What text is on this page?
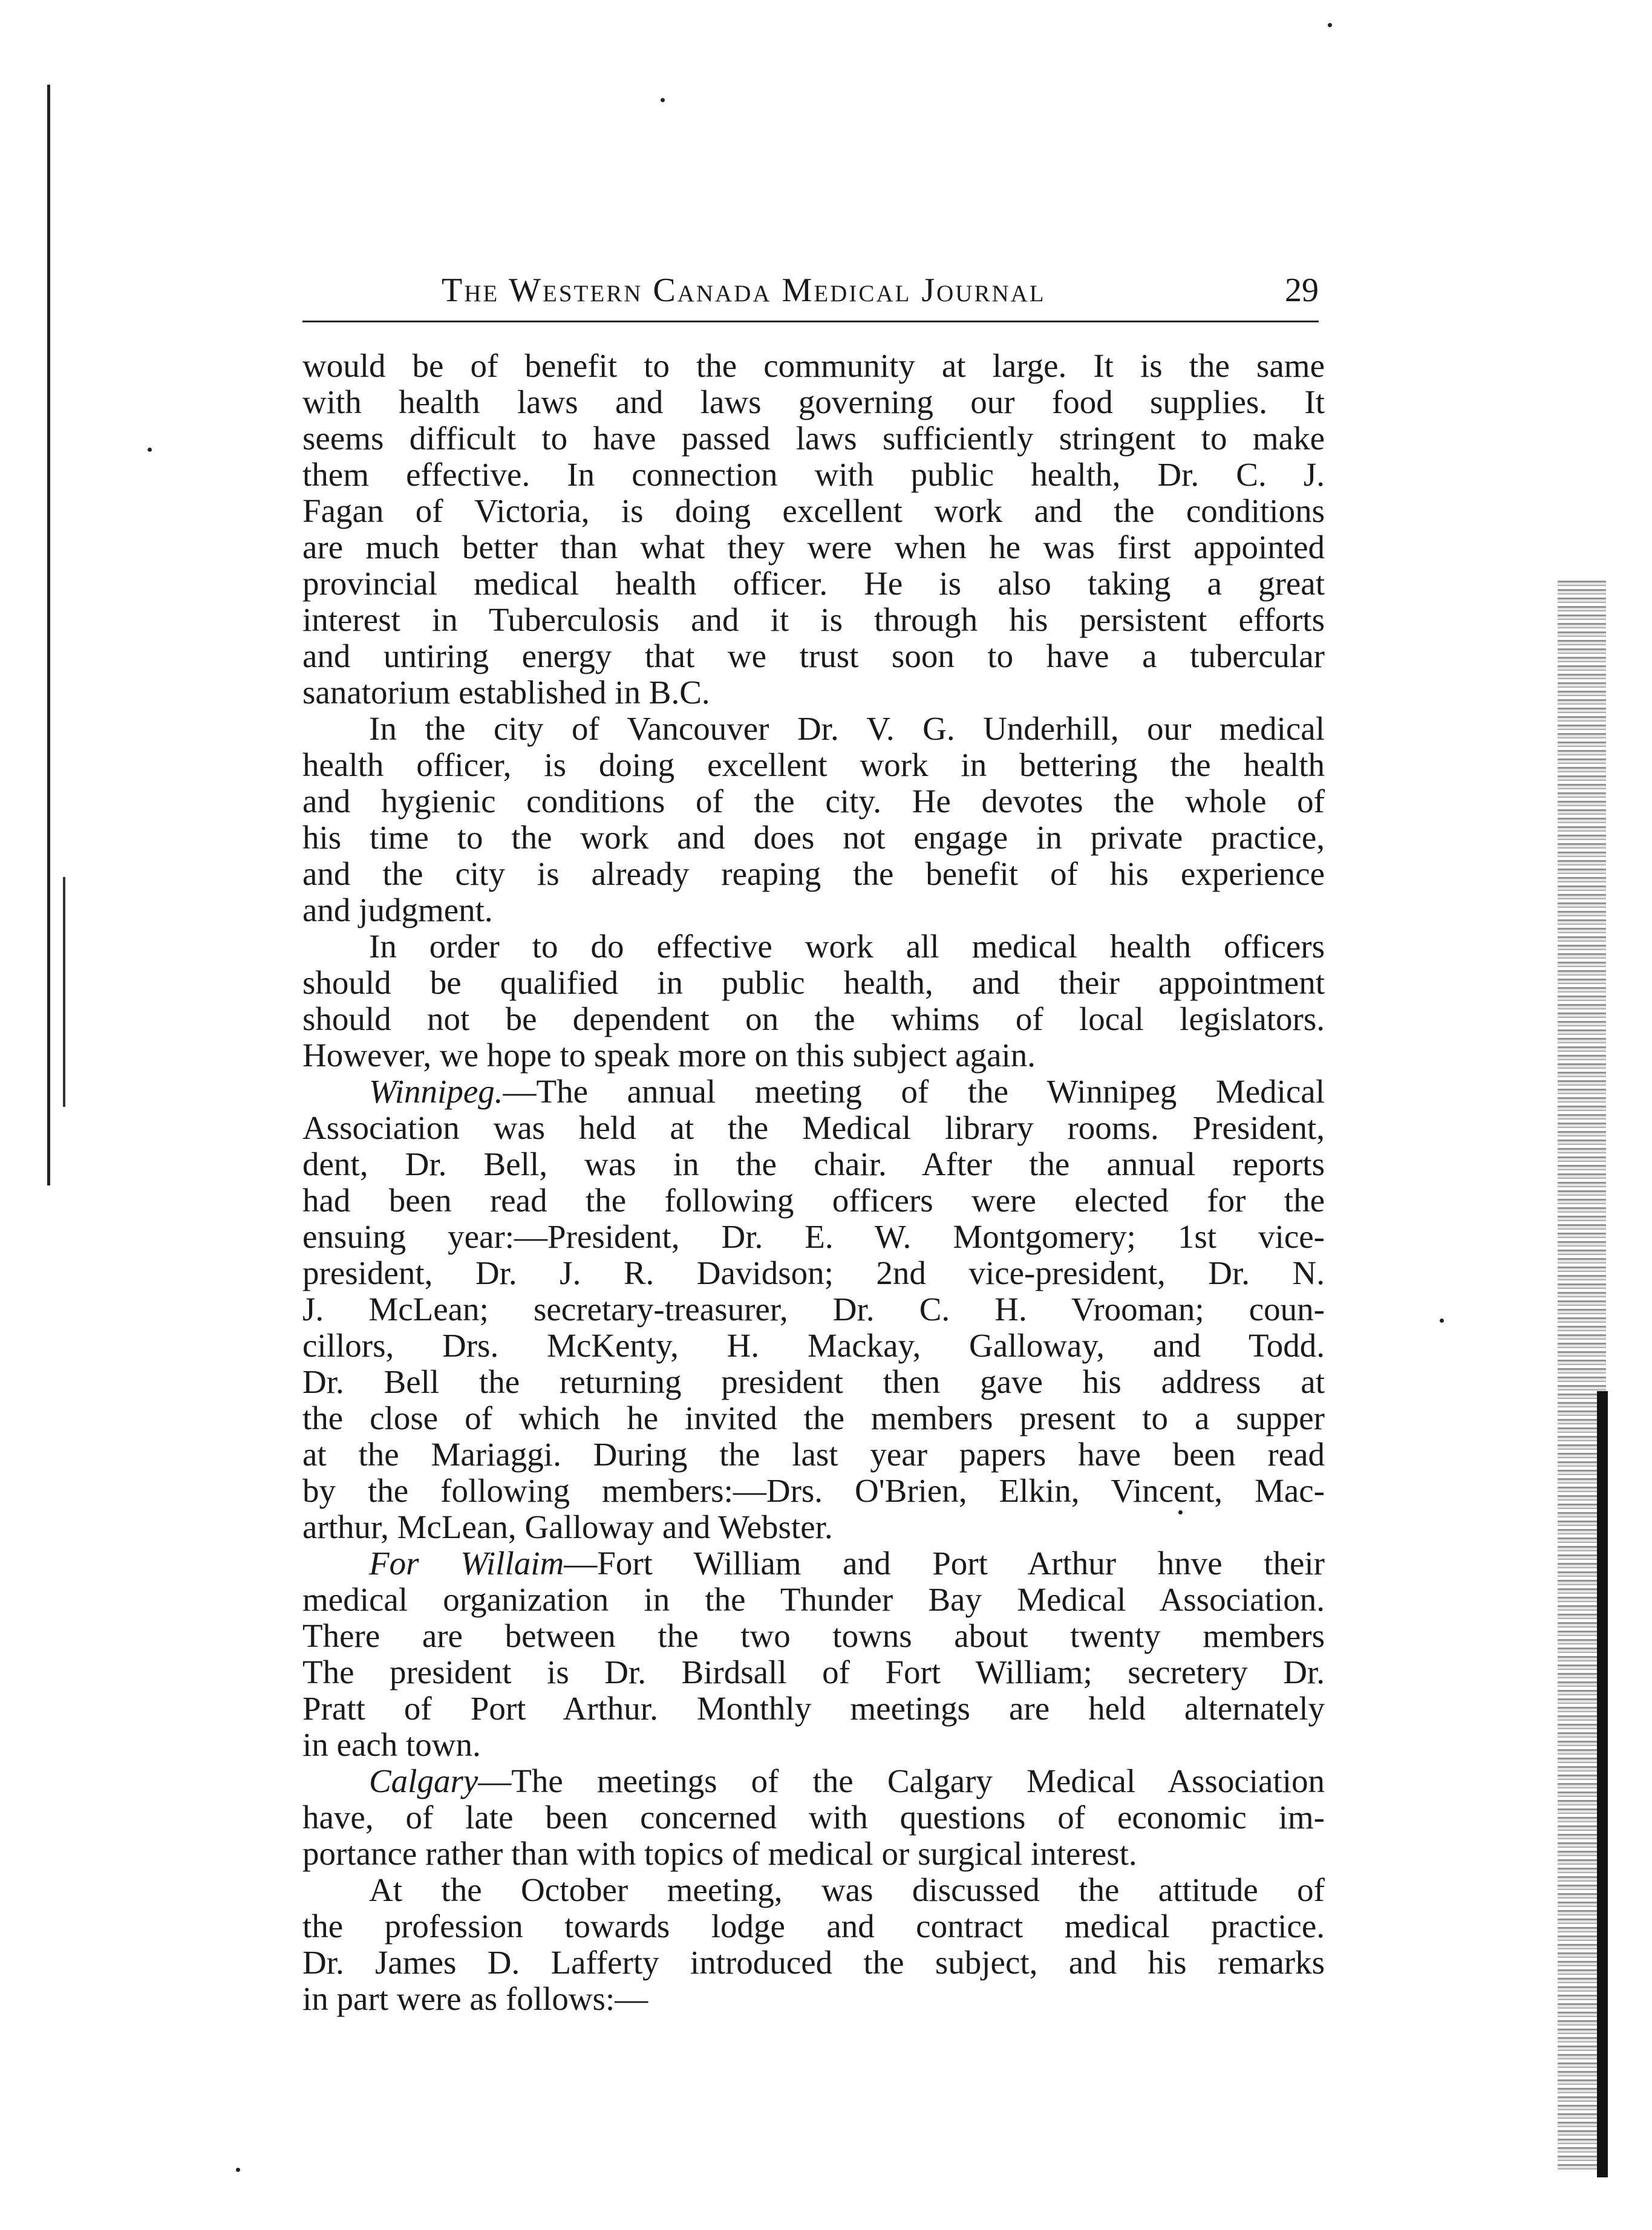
The Western Canada Medical Journal	29
would be of benefit to the community at large. It is the same
with health laws and laws governing our food supplies. It
seems difficult to have passed laws sufficiently stringent to make
them effective. In connection with public health, Dr. C. J.
Fagan of Victoria, is doing excellent work and the conditions
are much better than what they were when he was first appointed
provincial medical health officer. He is also taking a great
interest in Tuberculosis and it is through his persistent efforts
and untiring energy that we trust soon to have a tubercular
sanatorium established in B.C.
In the city of Vancouver Dr. V. G. Underhill, our medical
health officer, is doing excellent work in bettering the health
and hygienic conditions of the city. He devotes the whole of
his time to the work and does not engage in private practice,
and the city is already reaping the benefit of his experience
and judgment.
In order to do effective work all medical health officers
should be qualified in public health, and their appointment
should not be dependent on the whims of local legislators.
However, we hope to speak more on this subject again.
Winnipeg.—The annual meeting of the Winnipeg Medical
Association was held at the Medical library rooms. President,
dent, Dr. Bell, was in the chair. After the annual reports
had been read the following officers were elected for the
ensuing year:—President, Dr. E. W. Montgomery; 1st vice-
president, Dr. J. R. Davidson; 2nd vice-president, Dr. N.
J. McLean; secretary-treasurer, Dr. C. H. Vrooman; coun-
cillors, Drs. McKenty, H. Mackay, Galloway, and Todd.
Dr. Bell the returning president then gave his address at
the close of which he invited the members present to a supper
at the Mariaggi. During the last year papers have been read
by the following members:—Drs. O'Brien, Elkin, Vincent, Mac-
arthur, McLean, Galloway and Webster.
For Willaim—Fort William and Port Arthur hnve their
medical organization in the Thunder Bay Medical Association.
There are between the two towns about twenty members
The president is Dr. Birdsall of Fort William; secretery Dr.
Pratt of Port Arthur. Monthly meetings are held alternately
in each town.
Calgary—The meetings of the Calgary Medical Association
have, of late been concerned with questions of economic im-
portance rather than with topics of medical or surgical interest.
At the October meeting, was discussed the attitude of
the profession towards lodge and contract medical practice.
Dr. James D. Lafferty introduced the subject, and his remarks
in part were as follows:—
